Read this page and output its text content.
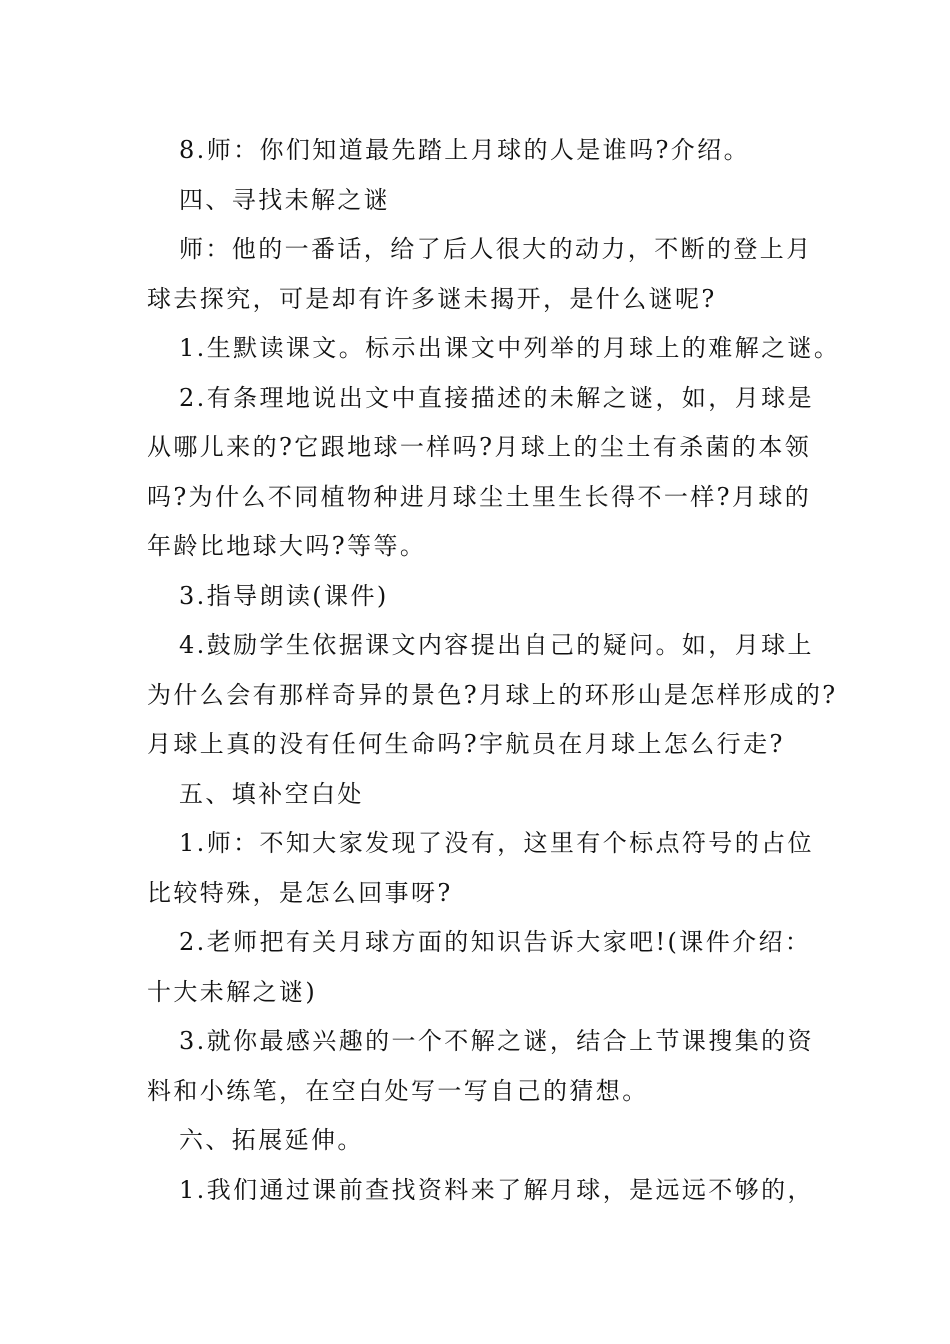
8.师：你们知道最先踏上月球的人是谁吗?介绍。
四、寻找未解之谜
师：他的一番话，给了后人很大的动力，不断的登上月
球去探究，可是却有许多谜未揭开，是什么谜呢?
1.生默读课文。标示出课文中列举的月球上的难解之谜。
2.有条理地说出文中直接描述的未解之谜，如，月球是
从哪儿来的?它跟地球一样吗?月球上的尘土有杀菌的本领
吗?为什么不同植物种进月球尘土里生长得不一样?月球的
年龄比地球大吗?等等。
3.指导朗读(课件)
4.鼓励学生依据课文内容提出自己的疑问。如，月球上
为什么会有那样奇异的景色?月球上的环形山是怎样形成的?
月球上真的没有任何生命吗?宇航员在月球上怎么行走?
五、填补空白处
1.师：不知大家发现了没有，这里有个标点符号的占位
比较特殊，是怎么回事呀?
2.老师把有关月球方面的知识告诉大家吧!(课件介绍：
十大未解之谜)
3.就你最感兴趣的一个不解之谜，结合上节课搜集的资
料和小练笔，在空白处写一写自己的猜想。
六、拓展延伸。
1.我们通过课前查找资料来了解月球，是远远不够的，
